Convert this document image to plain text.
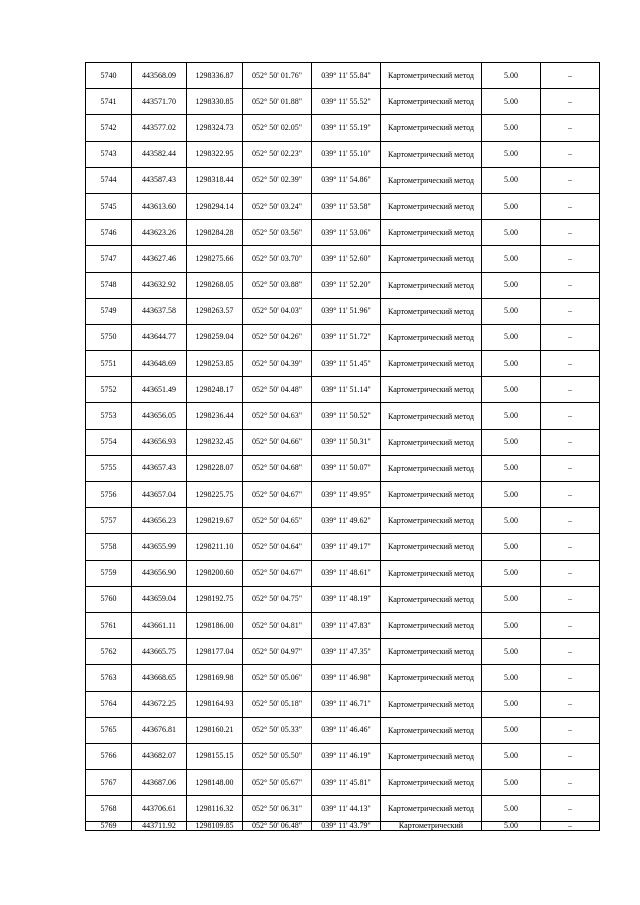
5740	443568.09	1298336.87	052° 50' 01.76"	039° 11' 55.84"	Картометрический метод	5.00	–
5741	443571.70	1298330.85	052° 50' 01.88"	039° 11' 55.52"	Картометрический метод	5.00	–
5742	443577.02	1298324.73	052° 50' 02.05"	039° 11' 55.19"	Картометрический метод	5.00	–
5743	443582.44	1298322.95	052° 50' 02.23"	039° 11' 55.10"	Картометрический метод	5.00	–
5744	443587.43	1298318.44	052° 50' 02.39"	039° 11' 54.86"	Картометрический метод	5.00	–
5745	443613.60	1298294.14	052° 50' 03.24"	039° 11' 53.58"	Картометрический метод	5.00	–
5746	443623.26	1298284.28	052° 50' 03.56"	039° 11' 53.06"	Картометрический метод	5.00	–
5747	443627.46	1298275.66	052° 50' 03.70"	039° 11' 52.60"	Картометрический метод	5.00	–
5748	443632.92	1298268.05	052° 50' 03.88"	039° 11' 52.20"	Картометрический метод	5.00	–
5749	443637.58	1298263.57	052° 50' 04.03"	039° 11' 51.96"	Картометрический метод	5.00	–
5750	443644.77	1298259.04	052° 50' 04.26"	039° 11' 51.72"	Картометрический метод	5.00	–
5751	443648.69	1298253.85	052° 50' 04.39"	039° 11' 51.45"	Картометрический метод	5.00	–
5752	443651.49	1298248.17	052° 50' 04.48"	039° 11' 51.14"	Картометрический метод	5.00	–
5753	443656.05	1298236.44	052° 50' 04.63"	039° 11' 50.52"	Картометрический метод	5.00	–
5754	443656.93	1298232.45	052° 50' 04.66"	039° 11' 50.31"	Картометрический метод	5.00	–
5755	443657.43	1298228.07	052° 50' 04.68"	039° 11' 50.07"	Картометрический метод	5.00	–
5756	443657.04	1298225.75	052° 50' 04.67"	039° 11' 49.95"	Картометрический метод	5.00	–
5757	443656.23	1298219.67	052° 50' 04.65"	039° 11' 49.62"	Картометрический метод	5.00	–
5758	443655.99	1298211.10	052° 50' 04.64"	039° 11' 49.17"	Картометрический метод	5.00	–
5759	443656.90	1298200.60	052° 50' 04.67"	039° 11' 48.61"	Картометрический метод	5.00	–
5760	443659.04	1298192.75	052° 50' 04.75"	039° 11' 48.19"	Картометрический метод	5.00	–
5761	443661.11	1298186.00	052° 50' 04.81"	039° 11' 47.83"	Картометрический метод	5.00	–
5762	443665.75	1298177.04	052° 50' 04.97"	039° 11' 47.35"	Картометрический метод	5.00	–
5763	443668.65	1298169.98	052° 50' 05.06"	039° 11' 46.98"	Картометрический метод	5.00	–
5764	443672.25	1298164.93	052° 50' 05.18"	039° 11' 46.71"	Картометрический метод	5.00	–
5765	443676.81	1298160.21	052° 50' 05.33"	039° 11' 46.46"	Картометрический метод	5.00	–
5766	443682.07	1298155.15	052° 50' 05.50"	039° 11' 46.19"	Картометрический метод	5.00	–
5767	443687.06	1298148.00	052° 50' 05.67"	039° 11' 45.81"	Картометрический метод	5.00	–
5768	443706.61	1298116.32	052° 50' 06.31"	039° 11' 44.13"	Картометрический метод	5.00	–
5769	443711.92	1298109.85	052° 50' 06.48"	039° 11' 43.79"	Картометрический	5.00	–
